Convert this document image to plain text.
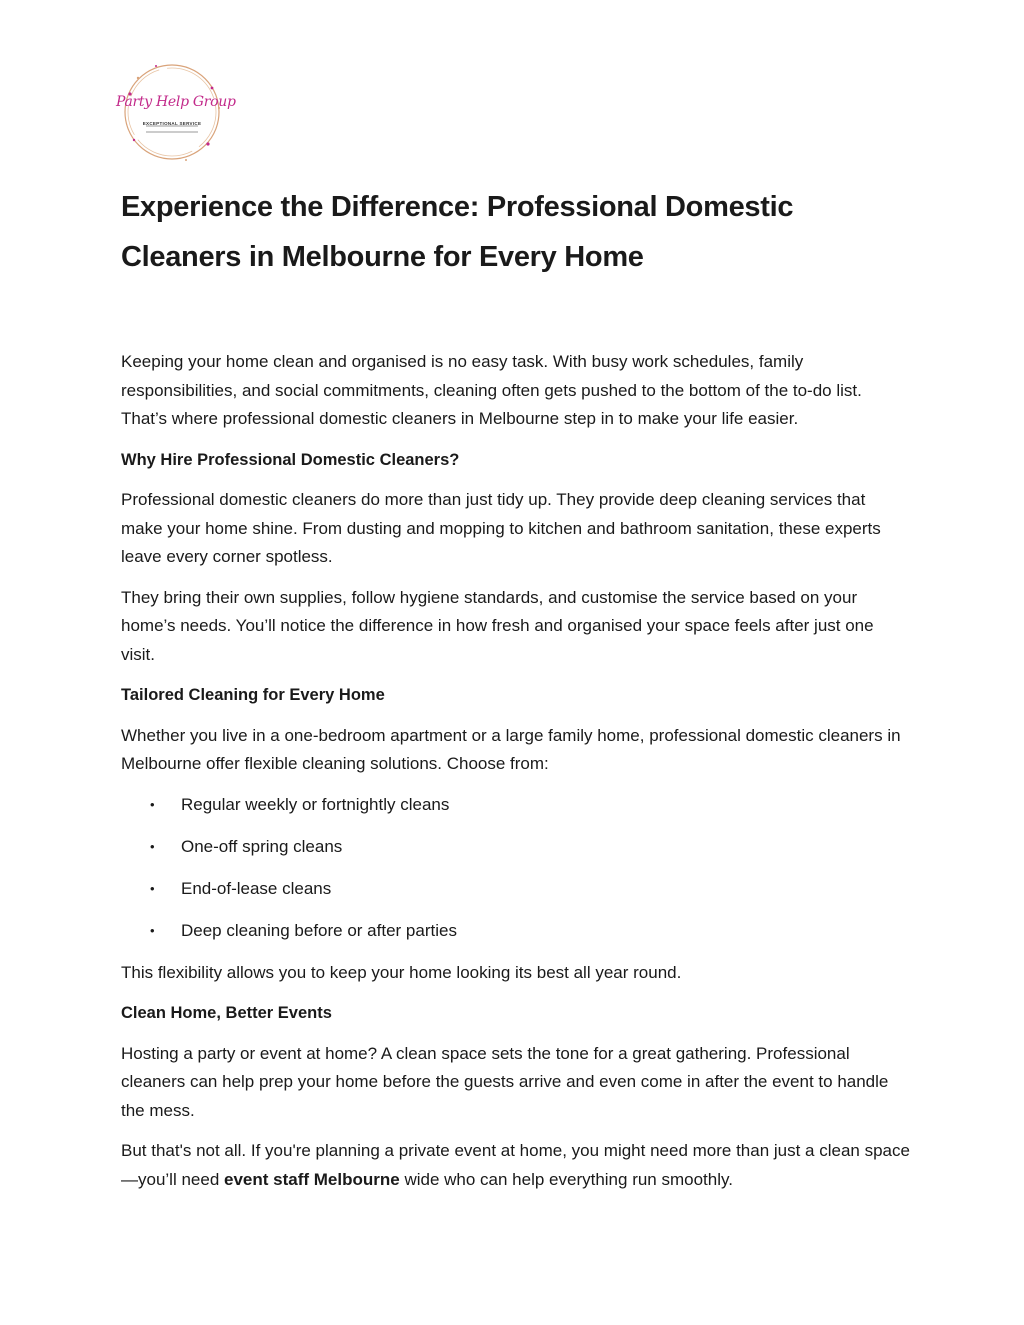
Party Help Group
EXCEPTIONAL SERVICE
Experience the Difference: Professional Domestic Cleaners in Melbourne for Every Home

Keeping your home clean and organised is no easy task. With busy work schedules, family responsibilities, and social commitments, cleaning often gets pushed to the bottom of the to-do list. That’s where professional domestic cleaners in Melbourne step in to make your life easier.

Why Hire Professional Domestic Cleaners?

Professional domestic cleaners do more than just tidy up. They provide deep cleaning services that make your home shine. From dusting and mopping to kitchen and bathroom sanitation, these experts leave every corner spotless.

They bring their own supplies, follow hygiene standards, and customise the service based on your home’s needs. You’ll notice the difference in how fresh and organised your space feels after just one visit.

Tailored Cleaning for Every Home

Whether you live in a one-bedroom apartment or a large family home, professional domestic cleaners in Melbourne offer flexible cleaning solutions. Choose from:

• Regular weekly or fortnightly cleans
• One-off spring cleans
• End-of-lease cleans
• Deep cleaning before or after parties

This flexibility allows you to keep your home looking its best all year round.

Clean Home, Better Events

Hosting a party or event at home? A clean space sets the tone for a great gathering. Professional cleaners can help prep your home before the guests arrive and even come in after the event to handle the mess.

But that's not all. If you're planning a private event at home, you might need more than just a clean space—you’ll need event staff Melbourne wide who can help everything run smoothly.
